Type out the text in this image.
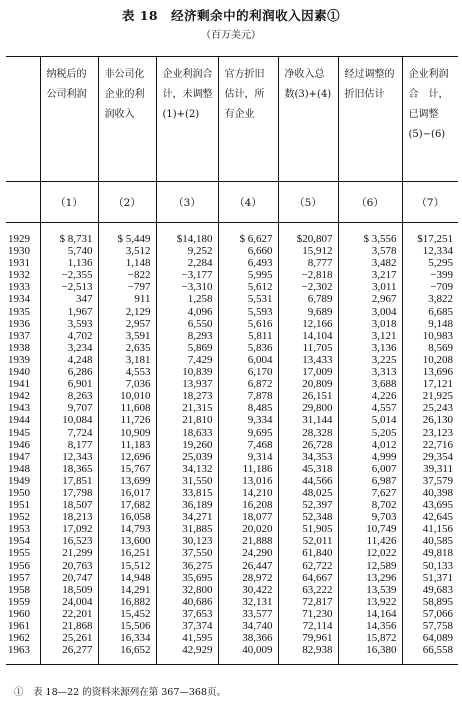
表 18　经济剩余中的利润收入因素①
（百万美元）

	纳税后的公司利润	非公司化企业的利润收入	企业利润合　计，未调整(1)+(2)	官方折旧估计，所有企业	净收入总　数(3)+(4)	经过调整的折旧估计	企业利润合　计，已调整(5)−(6)
	（1）	（2）	（3）	（4）	（5）	（6）	（7）

1929	$ 8,731	$ 5,449	$14,180	$ 6,627	$20,807	$ 3,556	$17,251
1930	5,740	3,512	9,252	6,660	15,912	3,578	12,334
1931	1,136	1,148	2,284	6,493	8,777	3,482	5,295
1932	−2,355	−822	−3,177	5,995	−2,818	3,217	−399
1933	−2,513	−797	−3,310	5,612	−2,302	3,011	−709
1934	347	911	1,258	5,531	6,789	2,967	3,822
1935	1,967	2,129	4,096	5,593	9,689	3,004	6,685
1936	3,593	2,957	6,550	5,616	12,166	3,018	9,148
1937	4,702	3,591	8,293	5,811	14,104	3,121	10,983
1938	3,234	2,635	5,869	5,836	11,705	3,136	8,569
1939	4,248	3,181	7,429	6,004	13,433	3,225	10,208
1940	6,286	4,553	10,839	6,170	17,009	3,313	13,696
1941	6,901	7,036	13,937	6,872	20,809	3,688	17,121
1942	8,263	10,010	18,273	7,878	26,151	4,226	21,925
1943	9,707	11,608	21,315	8,485	29,800	4,557	25,243
1944	10,084	11,726	21,810	9,334	31,144	5,014	26,130
1945	7,724	10,909	18,633	9,695	28,328	5,205	23,123
1946	8,177	11,183	19,260	7,468	26,728	4,012	22,716
1947	12,343	12,696	25,039	9,314	34,353	4,999	29,354
1948	18,365	15,767	34,132	11,186	45,318	6,007	39,311
1949	17,851	13,699	31,550	13,016	44,566	6,987	37,579
1950	17,798	16,017	33,815	14,210	48,025	7,627	40,398
1951	18,507	17,682	36,189	16,208	52,397	8,702	43,695
1952	18,213	16,058	34,271	18,077	52,348	9,703	42,645
1953	17,092	14,793	31,885	20,020	51,905	10,749	41,156
1954	16,523	13,600	30,123	21,888	52,011	11,426	40,585
1955	21,299	16,251	37,550	24,290	61,840	12,022	49,818
1956	20,763	15,512	36,275	26,447	62,722	12,589	50,133
1957	20,747	14,948	35,695	28,972	64,667	13,296	51,371
1958	18,509	14,291	32,800	30,422	63,222	13,539	49,683
1959	24,004	16,882	40,686	32,131	72,817	13,922	58,895
1960	22,201	15,452	37,653	33,577	71,230	14,164	57,066
1961	21,868	15,506	37,374	34,740	72,114	14,356	57,758
1962	25,261	16,334	41,595	38,366	79,961	15,872	64,089
1963	26,277	16,652	42,929	40,009	82,938	16,380	66,558

①　表 18—22 的资料来源列在第 367—368页。
